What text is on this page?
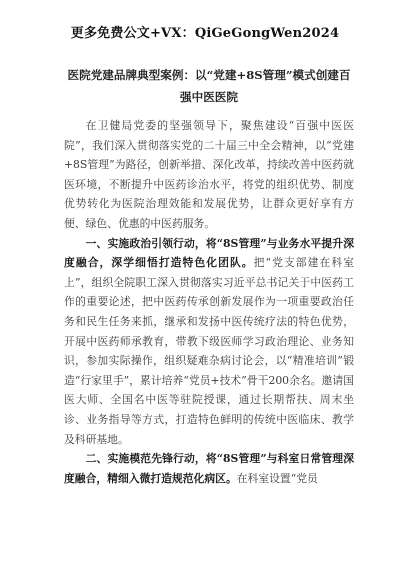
更多免费公文+VX：QiGeGongWen2024
医院党建品牌典型案例：以“党建+8S管理”模式创建百强中医医院

在卫健局党委的坚强领导下，聚焦建设“百强中医医院”，我们深入贯彻落实党的二十届三中全会精神，以“党建+8S管理”为路径，创新举措、深化改革，持续改善中医药就医环境，不断提升中医药诊治水平，将党的组织优势、制度优势转化为医院治理效能和发展优势，让群众更好享有方便、绿色、优惠的中医药服务。

一、实施政治引领行动，将“8S管理”与业务水平提升深度融合，深学细悟打造特色化团队。把“党支部建在科室上”，组织全院职工深入贯彻落实习近平总书记关于中医药工作的重要论述，把中医药传承创新发展作为一项重要政治任务和民生任务来抓，继承和发扬中医传统疗法的特色优势，开展中医药师承教育，带教下级医师学习政治理论、业务知识，参加实际操作，组织疑难杂病讨论会，以“精准培训”锻造“行家里手”，累计培养“党员+技术”骨干200余名。邀请国医大师、全国名中医等驻院授课，通过长期帮扶、周末坐诊、业务指导等方式，打造特色鲜明的传统中医临床、教学及科研基地。

二、实施模范先锋行动，将“8S管理”与科室日常管理深度融合，精细入微打造规范化病区。在科室设置“党员
